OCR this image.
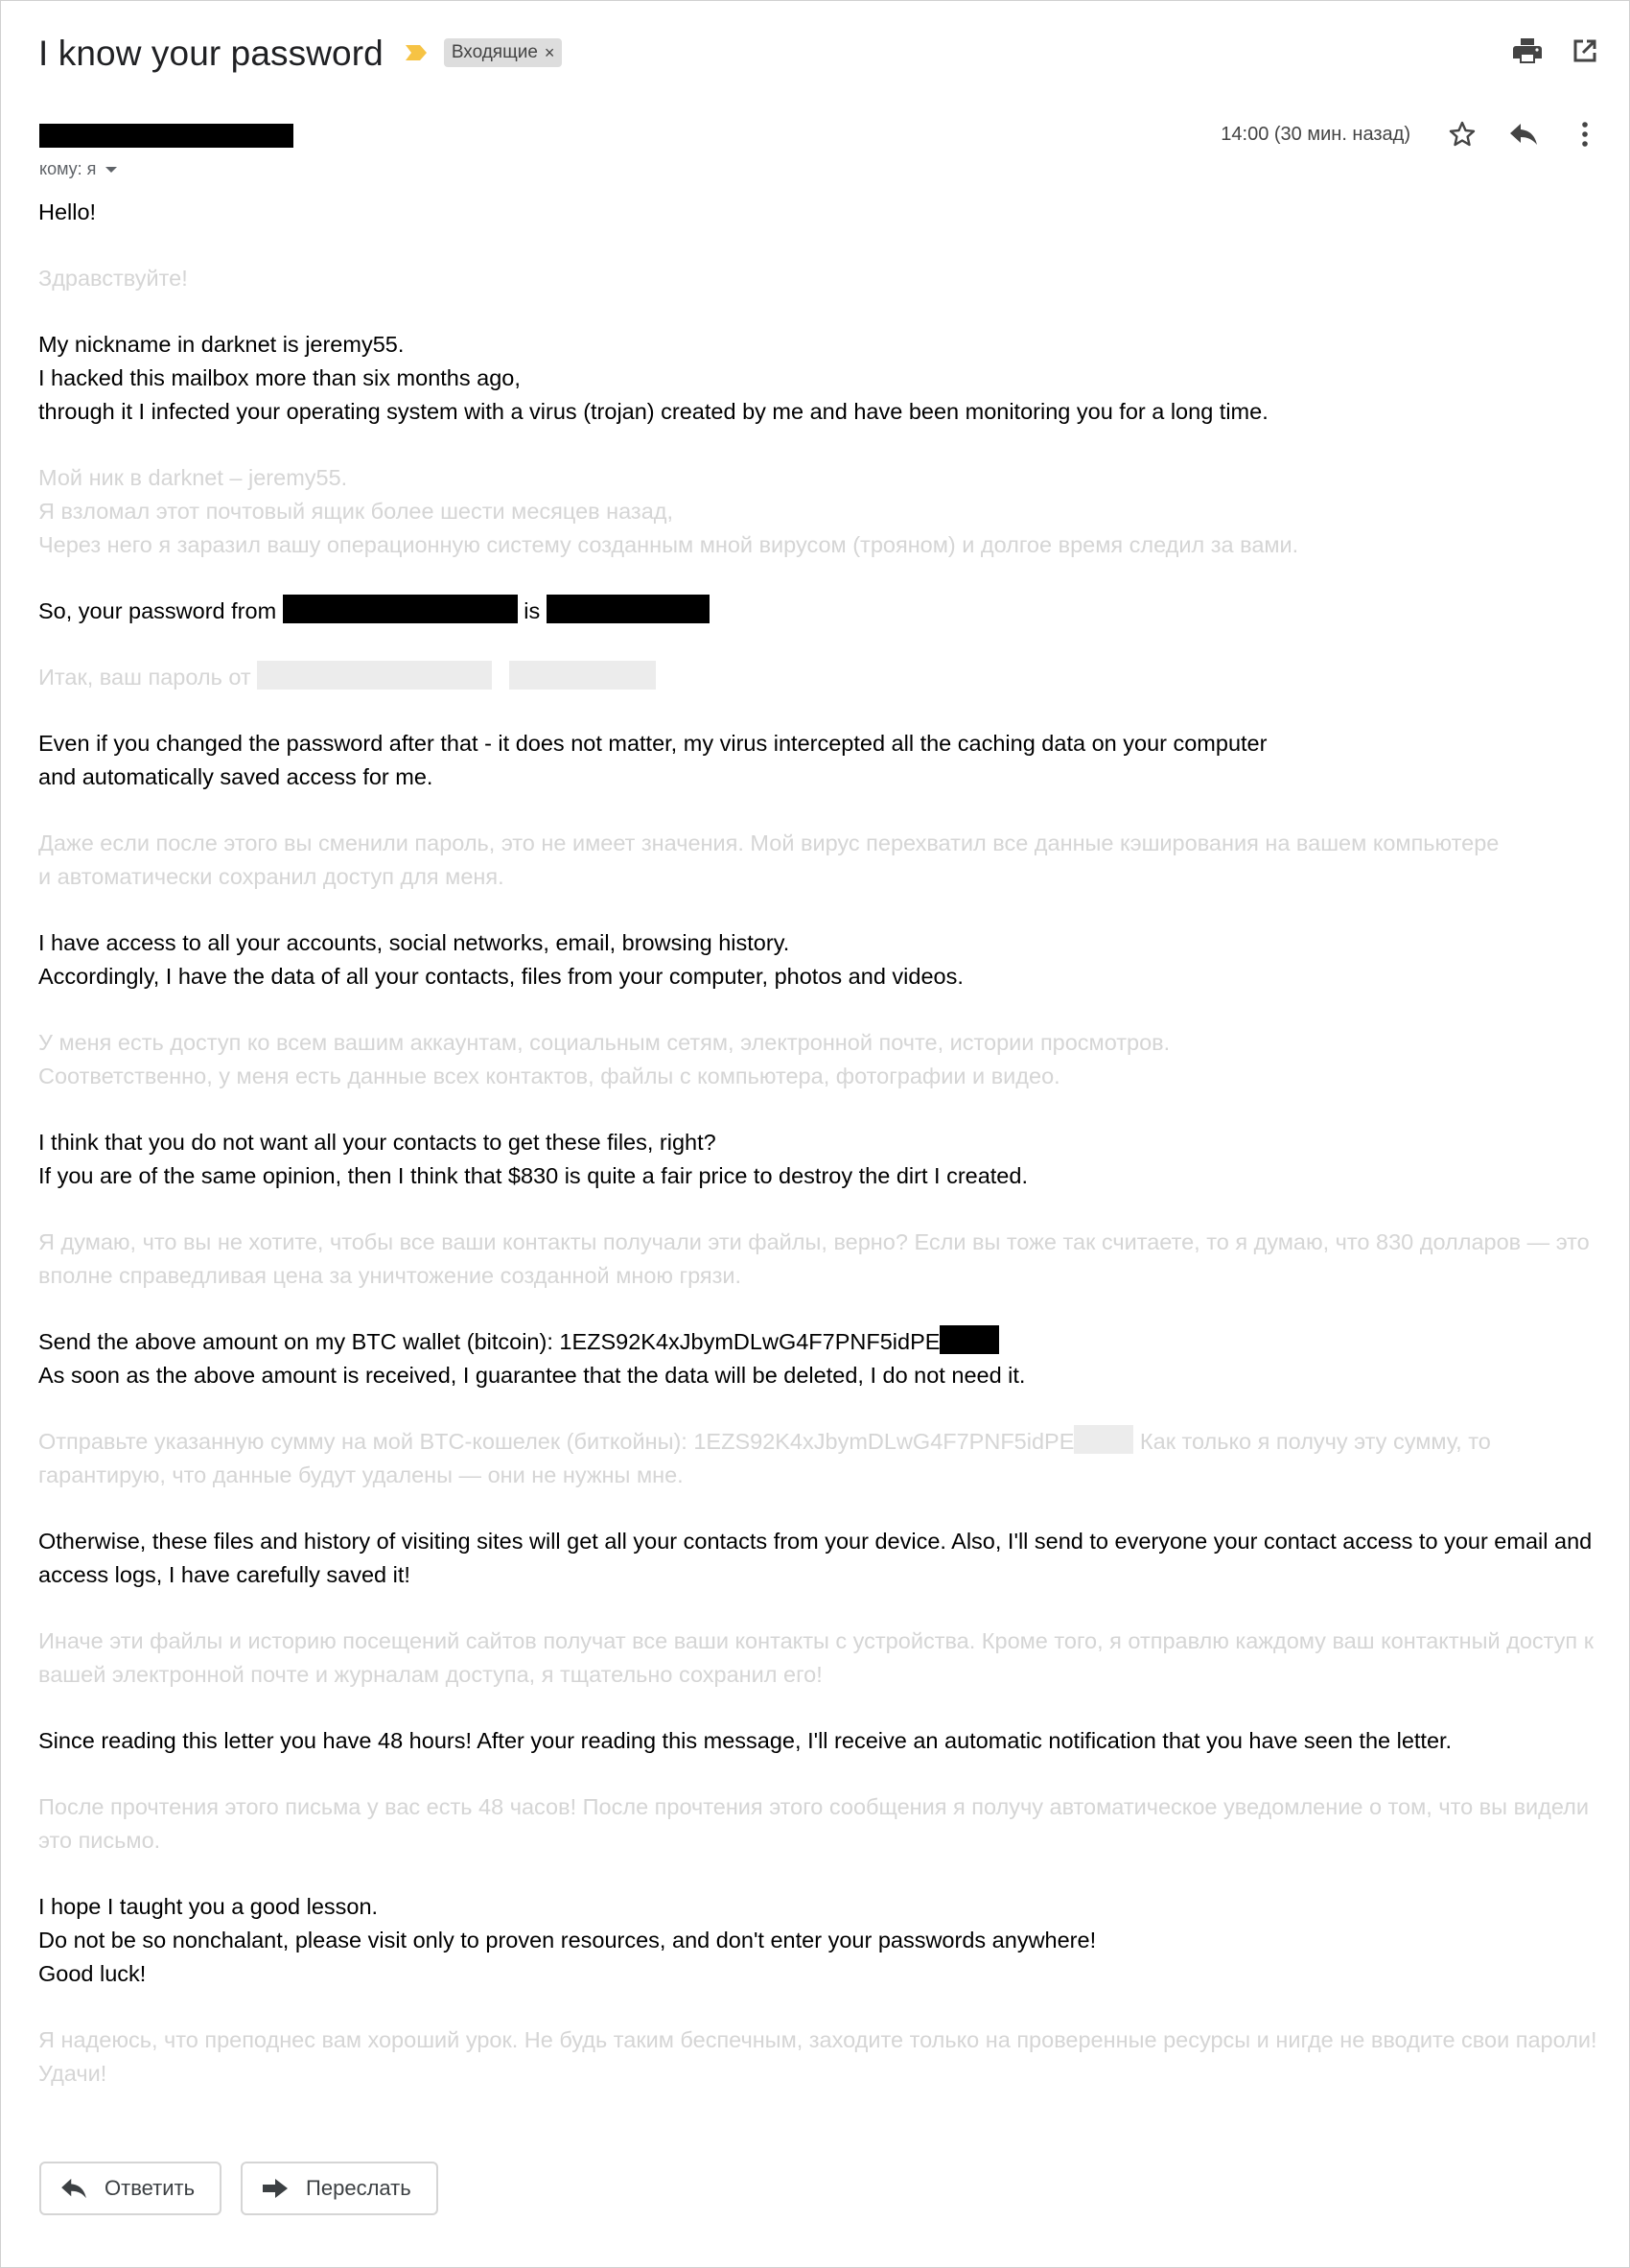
I know your password	Входящие ×
кому: я
14:00 (30 мин. назад)

Hello!

Здравствуйте!

My nickname in darknet is jeremy55.
I hacked this mailbox more than six months ago,
through it I infected your operating system with a virus (trojan) created by me and have been monitoring you for a long time.

Мой ник в darknet – jeremy55.
Я взломал этот почтовый ящик более шести месяцев назад,
Через него я заразил вашу операционную систему созданным мной вирусом (трояном) и долгое время следил за вами.

So, your password from	is

Итак, ваш пароль от

Even if you changed the password after that - it does not matter, my virus intercepted all the caching data on your computer
and automatically saved access for me.

Даже если после этого вы сменили пароль, это не имеет значения. Мой вирус перехватил все данные кэширования на вашем компьютере
и автоматически сохранил доступ для меня.

I have access to all your accounts, social networks, email, browsing history.
Accordingly, I have the data of all your contacts, files from your computer, photos and videos.

У меня есть доступ ко всем вашим аккаунтам, социальным сетям, электронной почте, истории просмотров.
Соответственно, у меня есть данные всех контактов, файлы с компьютера, фотографии и видео.

I think that you do not want all your contacts to get these files, right?
If you are of the same opinion, then I think that $830 is quite a fair price to destroy the dirt I created.

Я думаю, что вы не хотите, чтобы все ваши контакты получали эти файлы, верно? Если вы тоже так считаете, то я думаю, что 830 долларов — это вполне справедливая цена за уничтожение созданной мною грязи.

Send the above amount on my BTC wallet (bitcoin): 1EZS92K4xJbymDLwG4F7PNF5idPE
As soon as the above amount is received, I guarantee that the data will be deleted, I do not need it.

Отправьте указанную сумму на мой BTC-кошелек (биткойны): 1EZS92K4xJbymDLwG4F7PNF5idPE	Как только я получу эту сумму, то гарантирую, что данные будут удалены — они не нужны мне.

Otherwise, these files and history of visiting sites will get all your contacts from your device. Also, I'll send to everyone your contact access to your email and access logs, I have carefully saved it!

Иначе эти файлы и историю посещений сайтов получат все ваши контакты с устройства. Кроме того, я отправлю каждому ваш контактный доступ к вашей электронной почте и журналам доступа, я тщательно сохранил его!

Since reading this letter you have 48 hours! After your reading this message, I'll receive an automatic notification that you have seen the letter.

После прочтения этого письма у вас есть 48 часов! После прочтения этого сообщения я получу автоматическое уведомление о том, что вы видели это письмо.

I hope I taught you a good lesson.
Do not be so nonchalant, please visit only to proven resources, and don't enter your passwords anywhere!
Good luck!

Я надеюсь, что преподнес вам хороший урок. Не будь таким беспечным, заходите только на проверенные ресурсы и нигде не вводите свои пароли!
Удачи!

Ответить	Переслать
